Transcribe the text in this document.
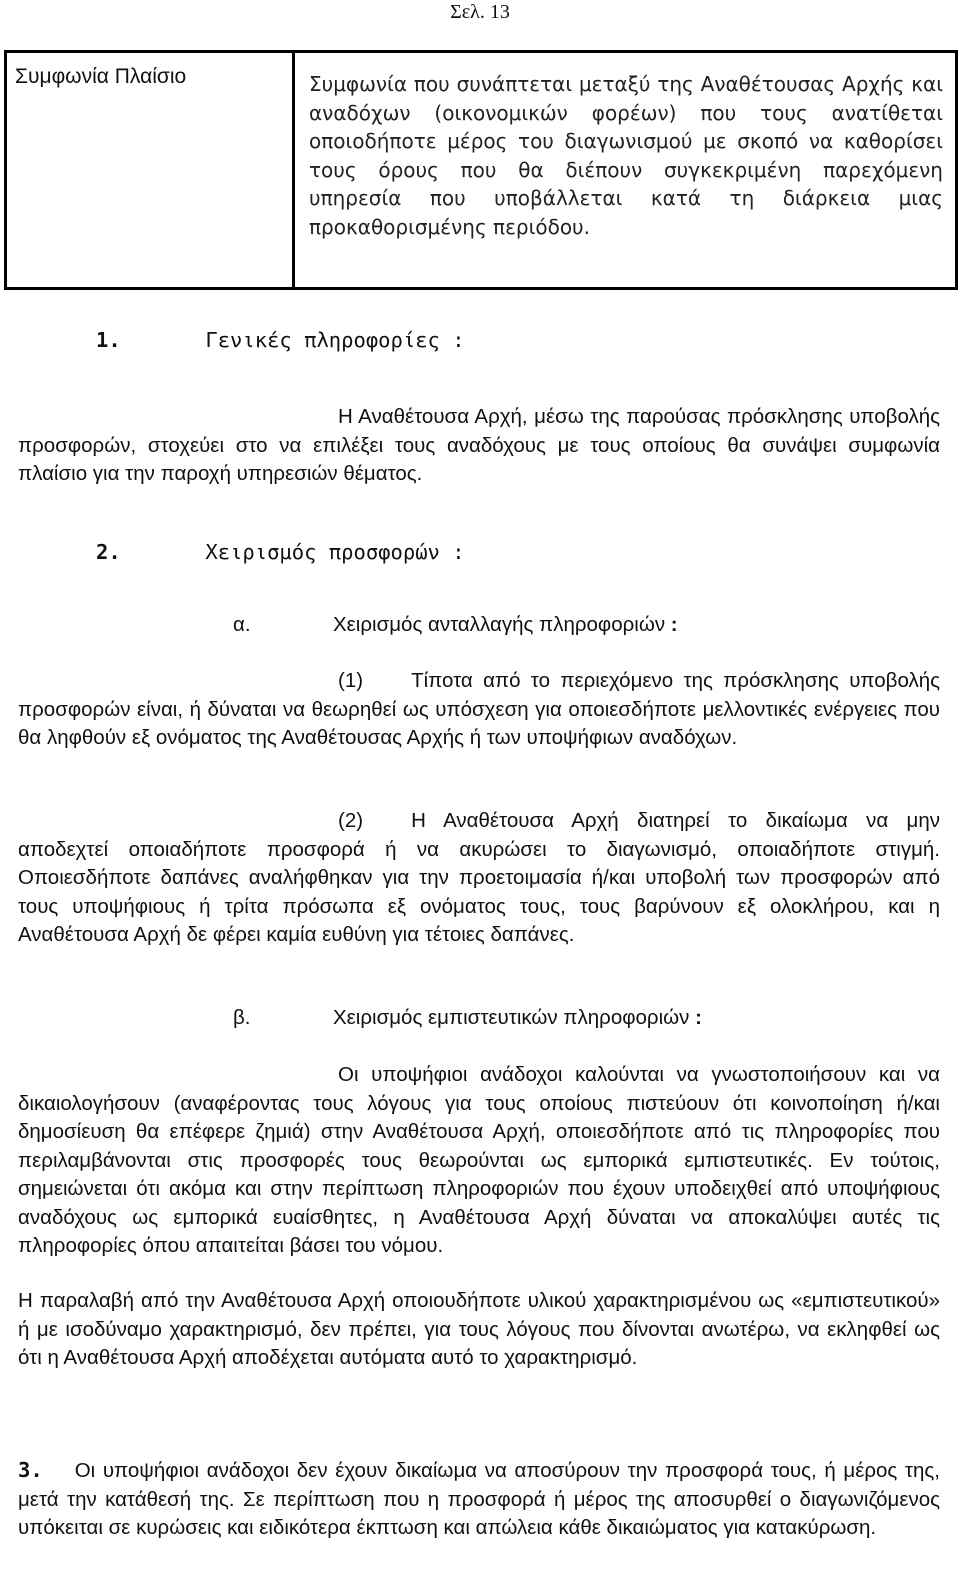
Σελ. 13
Συμφωνία Πλαίσιο	Συμφωνία που συνάπτεται μεταξύ της Αναθέτουσας Αρχής και αναδόχων (οικονομικών φορέων) που τους ανατίθεται οποιοδήποτε μέρος του διαγωνισμού με σκοπό να καθορίσει τους όρους που θα διέπουν συγκεκριμένη παρεχόμενη υπηρεσία που υποβάλλεται κατά τη διάρκεια μιας προκαθορισμένης περιόδου.
1.	Γενικές πληροφορίες :
Η Αναθέτουσα Αρχή, μέσω της παρούσας πρόσκλησης υποβολής προσφορών, στοχεύει στο να επιλέξει τους αναδόχους με τους οποίους θα συνάψει συμφωνία πλαίσιο για την παροχή υπηρεσιών θέματος.
2.	Χειρισμός προσφορών :
α.	Χειρισμός ανταλλαγής πληροφοριών :
(1) Τίποτα από το περιεχόμενο της πρόσκλησης υποβολής προσφορών είναι, ή δύναται να θεωρηθεί ως υπόσχεση για οποιεσδήποτε μελλοντικές ενέργειες που θα ληφθούν εξ ονόματος της Αναθέτουσας Αρχής ή των υποψήφιων αναδόχων.
(2) Η Αναθέτουσα Αρχή διατηρεί το δικαίωμα να μην αποδεχτεί οποιαδήποτε προσφορά ή να ακυρώσει το διαγωνισμό, οποιαδήποτε στιγμή. Οποιεσδήποτε δαπάνες αναλήφθηκαν για την προετοιμασία ή/και υποβολή των προσφορών από τους υποψήφιους ή τρίτα πρόσωπα εξ ονόματος τους, τους βαρύνουν εξ ολοκλήρου, και η Αναθέτουσα Αρχή δε φέρει καμία ευθύνη για τέτοιες δαπάνες.
β.	Χειρισμός εμπιστευτικών πληροφοριών :
Οι υποψήφιοι ανάδοχοι καλούνται να γνωστοποιήσουν και να δικαιολογήσουν (αναφέροντας τους λόγους για τους οποίους πιστεύουν ότι κοινοποίηση ή/και δημοσίευση θα επέφερε ζημιά) στην Αναθέτουσα Αρχή, οποιεσδήποτε από τις πληροφορίες που περιλαμβάνονται στις προσφορές τους θεωρούνται ως εμπορικά εμπιστευτικές. Εν τούτοις, σημειώνεται ότι ακόμα και στην περίπτωση πληροφοριών που έχουν υποδειχθεί από υποψήφιους αναδόχους ως εμπορικά ευαίσθητες, η Αναθέτουσα Αρχή δύναται να αποκαλύψει αυτές τις πληροφορίες όπου απαιτείται βάσει του νόμου.
Η παραλαβή από την Αναθέτουσα Αρχή οποιουδήποτε υλικού χαρακτηρισμένου ως «εμπιστευτικού» ή με ισοδύναμο χαρακτηρισμό, δεν πρέπει, για τους λόγους που δίνονται ανωτέρω, να εκληφθεί ως ότι η Αναθέτουσα Αρχή αποδέχεται αυτόματα αυτό το χαρακτηρισμό.
3. Οι υποψήφιοι ανάδοχοι δεν έχουν δικαίωμα να αποσύρουν την προσφορά τους, ή μέρος της, μετά την κατάθεσή της. Σε περίπτωση που η προσφορά ή μέρος της αποσυρθεί ο διαγωνιζόμενος υπόκειται σε κυρώσεις και ειδικότερα έκπτωση και απώλεια κάθε δικαιώματος για κατακύρωση.
